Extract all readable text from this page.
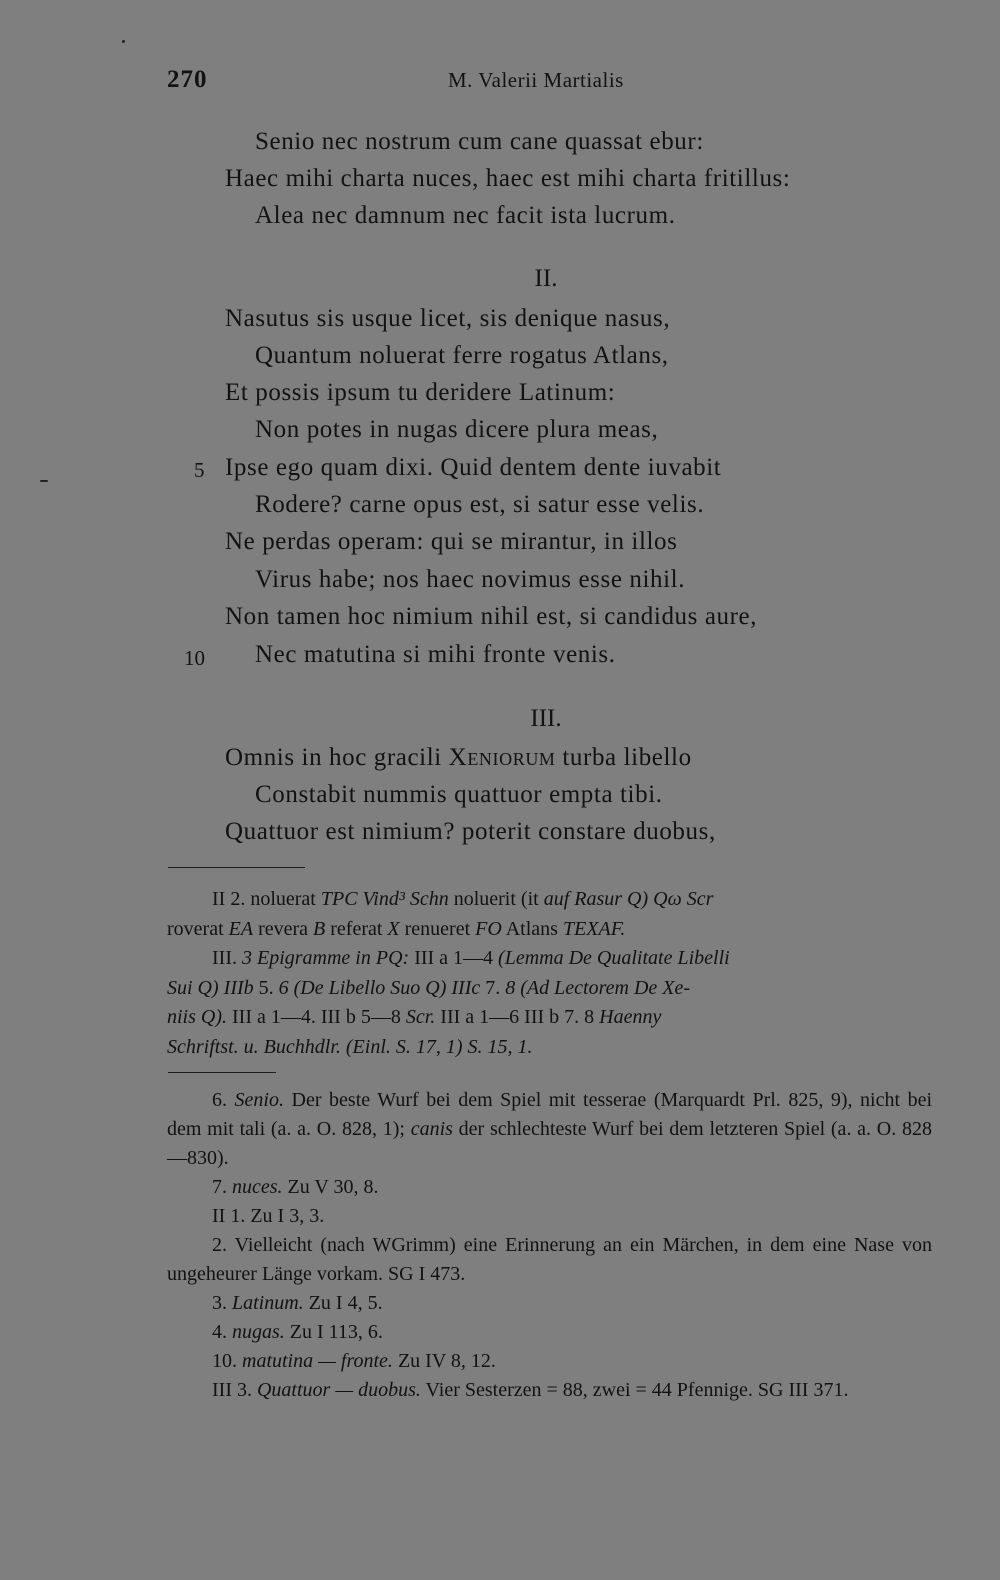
270	M. Valerii Martialis
Senio nec nostrum cum cane quassat ebur:
Haec mihi charta nuces, haec est mihi charta fritillus:
Alea nec damnum nec facit ista lucrum.
II.
Nasutus sis usque licet, sis denique nasus,
Quantum noluerat ferre rogatus Atlans,
Et possis ipsum tu deridere Latinum:
Non potes in nugas dicere plura meas,
5 Ipse ego quam dixi. Quid dentem dente iuvabit
Rodere? carne opus est, si satur esse velis.
Ne perdas operam: qui se mirantur, in illos
Virus habe; nos haec novimus esse nihil.
Non tamen hoc nimium nihil est, si candidus aure,
10 Nec matutina si mihi fronte venis.
III.
Omnis in hoc gracili Xeniorum turba libello
Constabit nummis quattuor empta tibi.
Quattuor est nimium? poterit constare duobus,
II 2. noluerat TPC Vind³ Schn noluerit (it auf Rasur Q) Qω Scr
roverat EA revera B referat X renueret FO Atlans TEXAF.
III. 3 Epigramme in PQ: III a 1—4 (Lemma De Qualitate Libelli
Sui Q) IIIb 5. 6 (De Libello Suo Q) IIIc 7. 8 (Ad Lectorem De Xe-
niis Q). III a 1—4. III b 5—8 Scr. III a 1—6 III b 7. 8 Haenny
Schriftst. u. Buchhdlr. (Einl. S. 17, 1) S. 15, 1.

6. Senio. Der beste Wurf bei dem Spiel mit tesserae (Marquardt Prl. 825, 9), nicht bei dem mit tali (a. a. O. 828, 1); canis der schlechteste Wurf bei dem letzteren Spiel (a. a. O. 828—830).

7. nuces. Zu V 30, 8.

II 1. Zu I 3, 3.

2. Vielleicht (nach WGrimm) eine Erinnerung an ein Märchen, in dem eine Nase von ungeheurer Länge vorkam. SG I 473.

3. Latinum. Zu I 4, 5.

4. nugas. Zu I 113, 6.

10. matutina — fronte. Zu IV 8, 12.

III 3. Quattuor — duobus. Vier Sesterzen = 88, zwei = 44 Pfennige. SG III 371.
